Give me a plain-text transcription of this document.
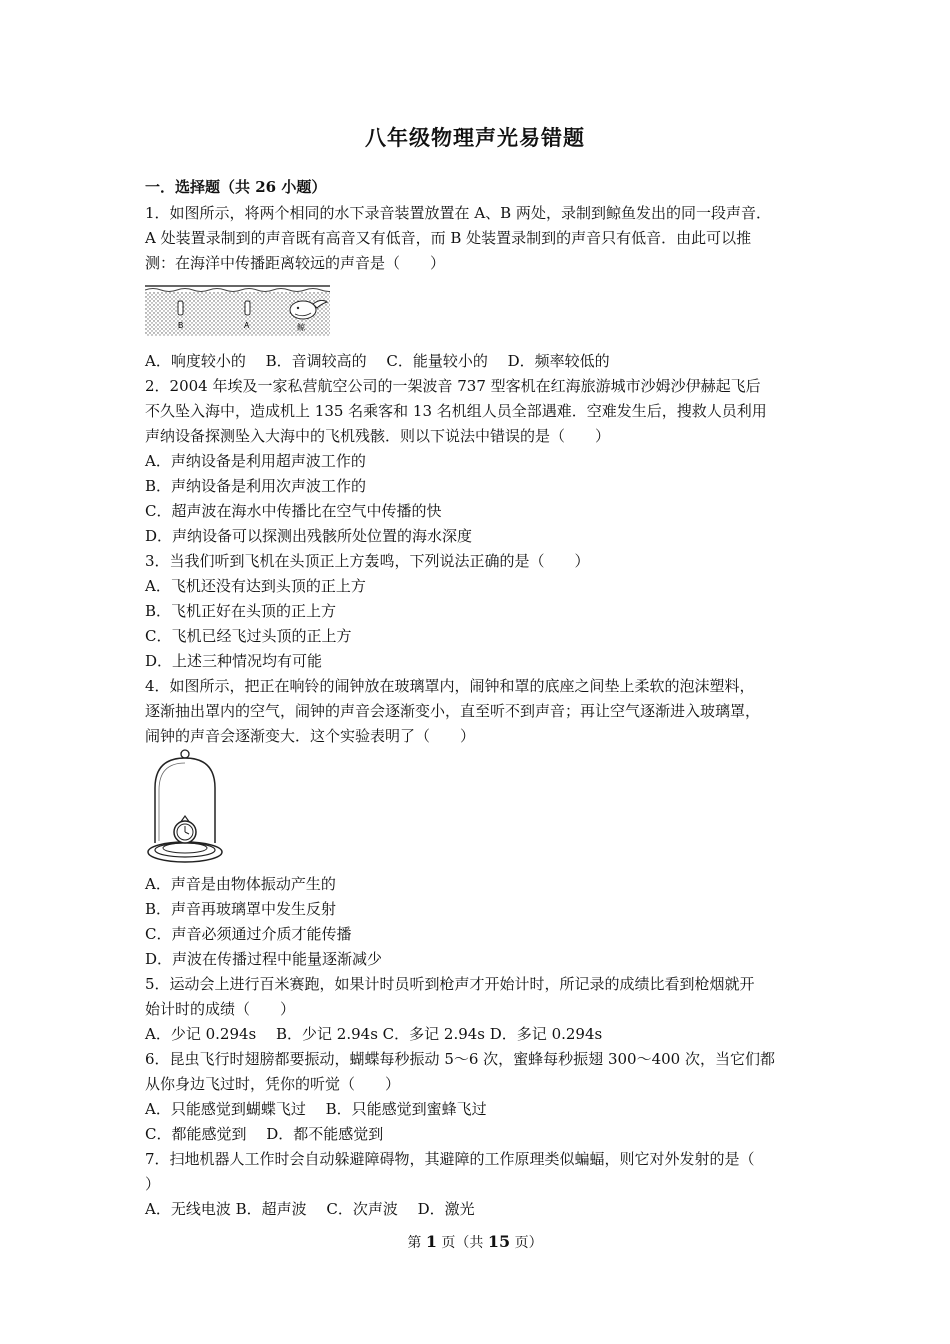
八年级物理声光易错题
一．选择题（共 26 小题）
1．如图所示，将两个相同的水下录音装置放置在 A、B 两处，录制到鲸鱼发出的同一段声音．
A 处装置录制到的声音既有高音又有低音，而 B 处装置录制到的声音只有低音．由此可以推
测：在海洋中传播距离较远的声音是（　　）
B	A	鲸
A．响度较小的　 B．音调较高的　 C．能量较小的　 D．频率较低的
2．2004 年埃及一家私营航空公司的一架波音 737 型客机在红海旅游城市沙姆沙伊赫起飞后
不久坠入海中，造成机上 135 名乘客和 13 名机组人员全部遇难．空难发生后，搜救人员利用
声纳设备探测坠入大海中的飞机残骸．则以下说法中错误的是（　　）
A．声纳设备是利用超声波工作的
B．声纳设备是利用次声波工作的
C．超声波在海水中传播比在空气中传播的快
D．声纳设备可以探测出残骸所处位置的海水深度
3．当我们听到飞机在头顶正上方轰鸣，下列说法正确的是（　　）
A．飞机还没有达到头顶的正上方
B．飞机正好在头顶的正上方
C．飞机已经飞过头顶的正上方
D．上述三种情况均有可能
4．如图所示，把正在响铃的闹钟放在玻璃罩内，闹钟和罩的底座之间垫上柔软的泡沫塑料，
逐渐抽出罩内的空气，闹钟的声音会逐渐变小，直至听不到声音；再让空气逐渐进入玻璃罩，
闹钟的声音会逐渐变大．这个实验表明了（　　）
A．声音是由物体振动产生的
B．声音再玻璃罩中发生反射
C．声音必须通过介质才能传播
D．声波在传播过程中能量逐渐减少
5．运动会上进行百米赛跑，如果计时员听到枪声才开始计时，所记录的成绩比看到枪烟就开
始计时的成绩（　　）
A．少记 0.294s　 B．少记 2.94s C．多记 2.94s D．多记 0.294s
6．昆虫飞行时翅膀都要振动，蝴蝶每秒振动 5～6 次，蜜蜂每秒振翅 300～400 次，当它们都
从你身边飞过时，凭你的听觉（　　）
A．只能感觉到蝴蝶飞过　 B．只能感觉到蜜蜂飞过
C．都能感觉到　 D．都不能感觉到
7．扫地机器人工作时会自动躲避障碍物，其避障的工作原理类似蝙蝠，则它对外发射的是（
）
A．无线电波 B．超声波　 C．次声波　 D．激光
第 1 页（共 15 页）
